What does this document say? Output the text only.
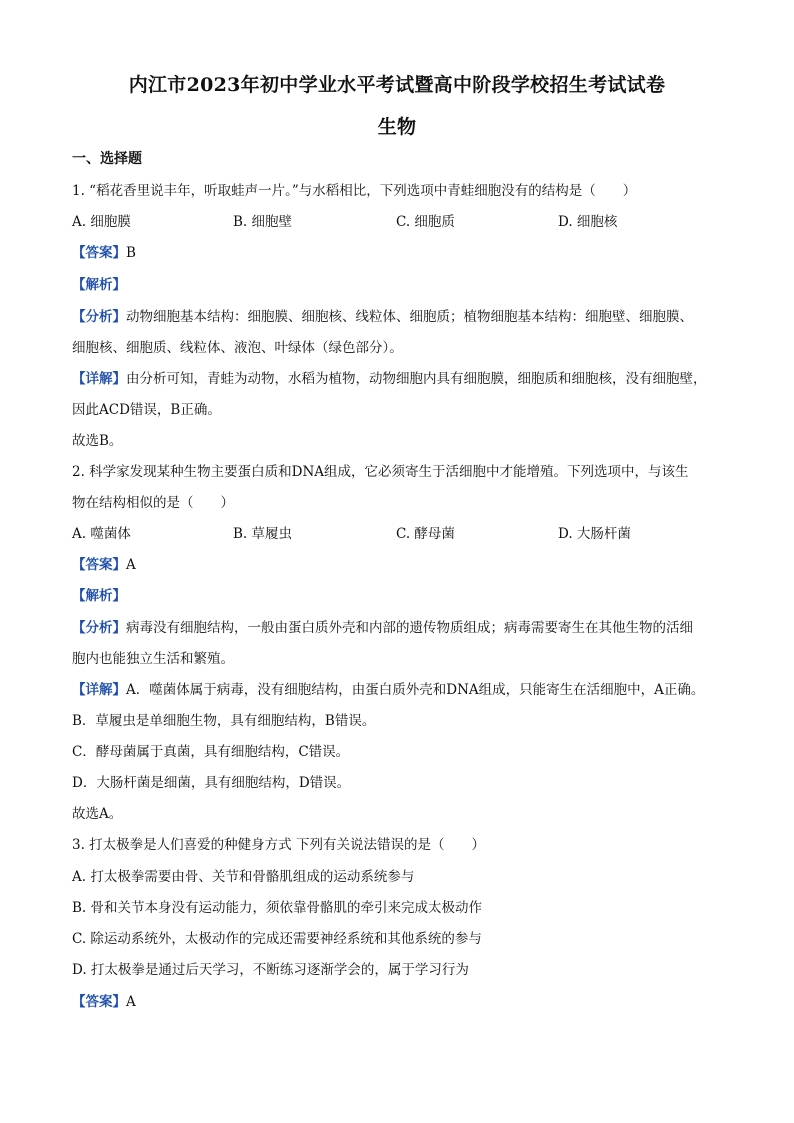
内江市2023年初中学业水平考试暨高中阶段学校招生考试试卷
生物
一、选择题
1. “稻花香里说丰年，听取蛙声一片。”与水稻相比，下列选项中青蛙细胞没有的结构是（　　）
A. 细胞膜	B. 细胞壁	C. 细胞质	D. 细胞核
【答案】B
【解析】
【分析】动物细胞基本结构：细胞膜、细胞核、线粒体、细胞质；植物细胞基本结构：细胞壁、细胞膜、
细胞核、细胞质、线粒体、液泡、叶绿体（绿色部分）。
【详解】由分析可知，青蛙为动物，水稻为植物，动物细胞内具有细胞膜，细胞质和细胞核，没有细胞壁，
因此ACD错误，B正确。
故选B。
2. 科学家发现某种生物主要蛋白质和DNA组成，它必须寄生于活细胞中才能增殖。下列选项中，与该生
物在结构相似的是（　　）
A. 噬菌体	B. 草履虫	C. 酵母菌	D. 大肠杆菌
【答案】A
【解析】
【分析】病毒没有细胞结构，一般由蛋白质外壳和内部的遗传物质组成；病毒需要寄生在其他生物的活细
胞内也能独立生活和繁殖。
【详解】A．噬菌体属于病毒，没有细胞结构，由蛋白质外壳和DNA组成，只能寄生在活细胞中，A正确。
B．草履虫是单细胞生物，具有细胞结构，B错误。
C．酵母菌属于真菌，具有细胞结构，C错误。
D．大肠杆菌是细菌，具有细胞结构，D错误。
故选A。
3. 打太极拳是人们喜爱的种健身方式 下列有关说法错误的是（　　）
A. 打太极拳需要由骨、关节和骨骼肌组成的运动系统参与
B. 骨和关节本身没有运动能力，须依靠骨骼肌的牵引来完成太极动作
C. 除运动系统外，太极动作的完成还需要神经系统和其他系统的参与
D. 打太极拳是通过后天学习，不断练习逐渐学会的，属于学习行为
【答案】A
